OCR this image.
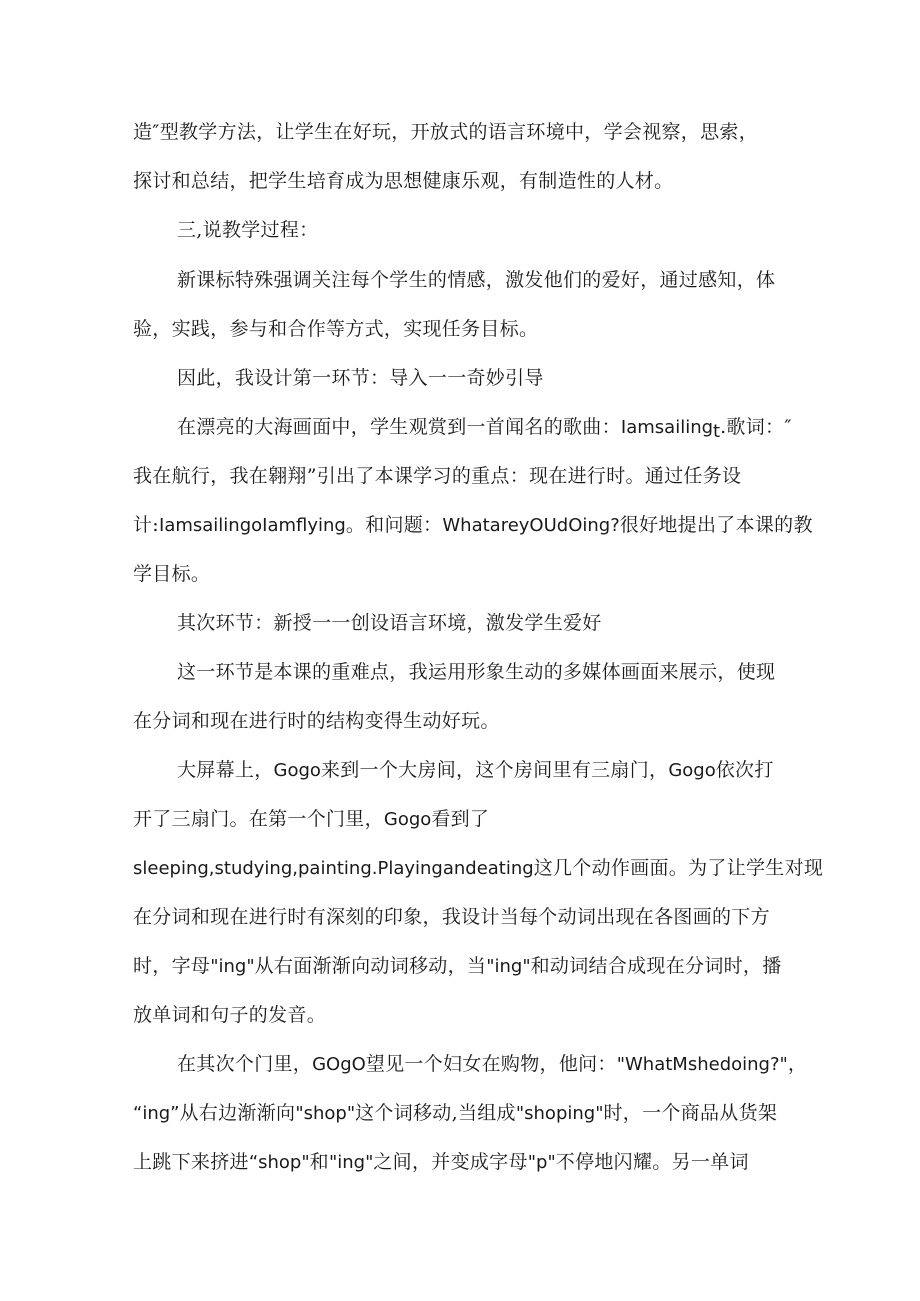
造″型教学方法，让学生在好玩，开放式的语言环境中，学会视察，思索，
探讨和总结，把学生培育成为思想健康乐观，有制造性的人材。

三,说教学过程：

新课标特殊强调关注每个学生的情感，激发他们的爱好，通过感知，体
验，实践，参与和合作等方式，实现任务目标。

因此，我设计第一环节：导入一一奇妙引导

在漂亮的大海画面中，学生观赏到一首闻名的歌曲：Iamsailing$_t$.歌词：″
我在航行，我在翱翔”引出了本课学习的重点：现在进行时。通过任务设
计:IamsailingoIamflying。和问题：WhatareyOUdOing?很好地提出了本课的教
学目标。

其次环节：新授一一创设语言环境，激发学生爱好

这一环节是本课的重难点，我运用形象生动的多媒体画面来展示，使现
在分词和现在进行时的结构变得生动好玩。

大屏幕上，Gogo来到一个大房间，这个房间里有三扇门，Gogo依次打
开了三扇门。在第一个门里，Gogo看到了
sleeping,studying,painting.Playingandeating这几个动作画面。为了让学生对现
在分词和现在进行时有深刻的印象，我设计当每个动词出现在各图画的下方
时，字母"ing"从右面渐渐向动词移动，当"ing"和动词结合成现在分词时，播
放单词和句子的发音。

在其次个门里，GOgO望见一个妇女在购物，他问："WhatMshedoing?"，
“ing”从右边渐渐向"shop"这个词移动,当组成"shoping"时，一个商品从货架
上跳下来挤进“shop"和"ing"之间，并变成字母"p"不停地闪耀。另一单词
